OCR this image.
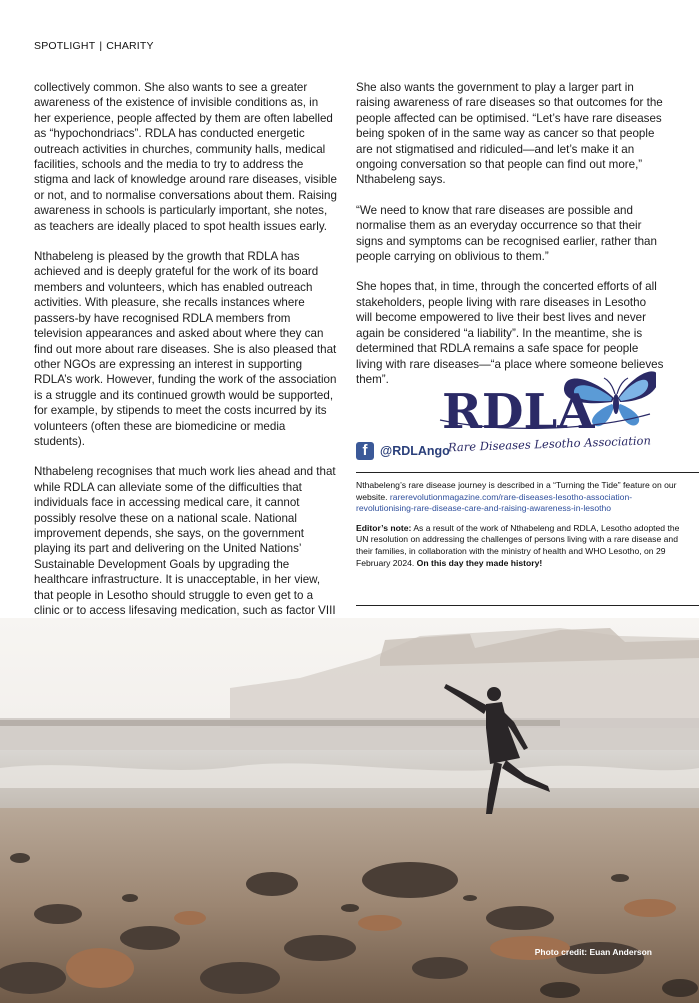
SPOTLIGHT | CHARITY

collectively common. She also wants to see a greater awareness of the existence of invisible conditions as, in her experience, people affected by them are often labelled as “hypochondriacs”. RDLA has conducted energetic outreach activities in churches, community halls, medical facilities, schools and the media to try to address the stigma and lack of knowledge around rare diseases, visible or not, and to normalise conversations about them. Raising awareness in schools is particularly important, she notes, as teachers are ideally placed to spot health issues early.

Nthabeleng is pleased by the growth that RDLA has achieved and is deeply grateful for the work of its board members and volunteers, which has enabled outreach activities. With pleasure, she recalls instances where passers-by have recognised RDLA members from television appearances and asked about where they can find out more about rare diseases. She is also pleased that other NGOs are expressing an interest in supporting RDLA’s work. However, funding the work of the association is a struggle and its continued growth would be supported, for example, by stipends to meet the costs incurred by its volunteers (often these are biomedicine or media students).

Nthabeleng recognises that much work lies ahead and that while RDLA can alleviate some of the difficulties that individuals face in accessing medical care, it cannot possibly resolve these on a national scale. National improvement depends, she says, on the government playing its part and delivering on the United Nations’ Sustainable Development Goals by upgrading the healthcare infrastructure. It is unacceptable, in her view, that people in Lesotho should struggle to even get to a clinic or to access lifesaving medication, such as factor VIII

She also wants the government to play a larger part in raising awareness of rare diseases so that outcomes for the people affected can be optimised. “Let’s have rare diseases being spoken of in the same way as cancer so that people are not stigmatised and ridiculed—and let’s make it an ongoing conversation so that people can find out more,” Nthabeleng says.

“We need to know that rare diseases are possible and normalise them as an everyday occurrence so that their signs and symptoms can be recognised earlier, rather than people carrying on oblivious to them.”

She hopes that, in time, through the concerted efforts of all stakeholders, people living with rare diseases in Lesotho will become empowered to live their best lives and never again be considered “a liability”. In the meantime, she is determined that RDLA remains a safe space for people living with rare diseases—“a place where someone believes them”.

RDLA
Rare Diseases Lesotho Association
f	@RDLAngo

Nthabeleng’s rare disease journey is described in a “Turning the Tide” feature on our website. rarerevolutionmagazine.com/rare-diseases-lesotho-association-revolutionising-rare-disease-care-and-raising-awareness-in-lesotho

Editor’s note: As a result of the work of Nthabeleng and RDLA, Lesotho adopted the UN resolution on addressing the challenges of persons living with a rare disease and their families, in collaboration with the ministry of health and WHO Lesotho, on 29 February 2024. On this day they made history!

Photo credit: Euan Anderson
